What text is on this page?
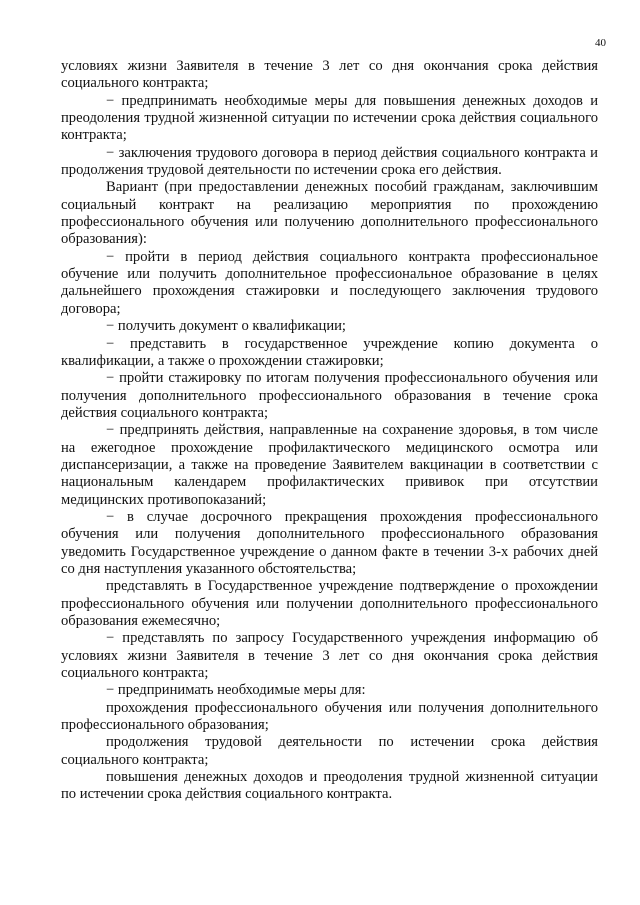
40

условиях жизни Заявителя в течение 3 лет со дня окончания срока действия социального контракта;

− предпринимать необходимые меры для повышения денежных доходов и преодоления трудной жизненной ситуации по истечении срока действия социального контракта;

− заключения трудового договора в период действия социального контракта и продолжения трудовой деятельности по истечении срока его действия.

Вариант (при предоставлении денежных пособий гражданам, заключившим социальный контракт на реализацию мероприятия по прохождению профессионального обучения или получению дополнительного профессионального образования):

− пройти в период действия социального контракта профессиональное обучение или получить дополнительное профессиональное образование в целях дальнейшего прохождения стажировки и последующего заключения трудового договора;

− получить документ о квалификации;

− представить в государственное учреждение копию документа о квалификации, а также о прохождении стажировки;

− пройти стажировку по итогам получения профессионального обучения или получения дополнительного профессионального образования в течение срока действия социального контракта;

− предпринять действия, направленные на сохранение здоровья, в том числе на ежегодное прохождение профилактического медицинского осмотра или диспансеризации, а также на проведение Заявителем вакцинации в соответствии с национальным календарем профилактических прививок при отсутствии медицинских противопоказаний;

− в случае досрочного прекращения прохождения профессионального обучения или получения дополнительного профессионального образования уведомить Государственное учреждение о данном факте в течении 3-х рабочих дней со дня наступления указанного обстоятельства;

представлять в Государственное учреждение подтверждение о прохождении профессионального обучения или получении дополнительного профессионального образования ежемесячно;

− представлять по запросу Государственного учреждения информацию об условиях жизни Заявителя в течение 3 лет со дня окончания срока действия социального контракта;

− предпринимать необходимые меры для:

прохождения профессионального обучения или получения дополнительного профессионального образования;

продолжения трудовой деятельности по истечении срока действия социального контракта;

повышения денежных доходов и преодоления трудной жизненной ситуации по истечении срока действия социального контракта.
